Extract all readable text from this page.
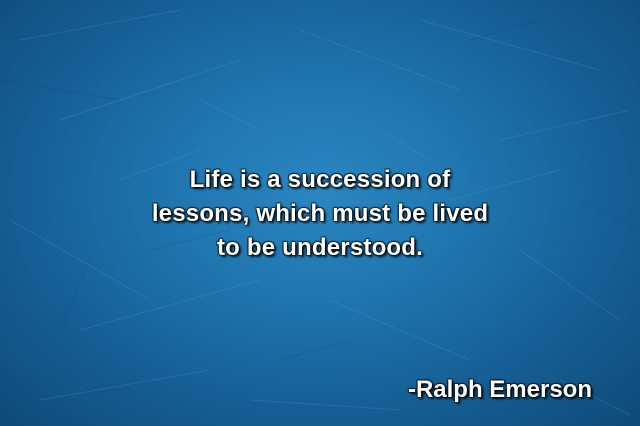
Life is a succession of
lessons, which must be lived
to be understood.
-Ralph Emerson
